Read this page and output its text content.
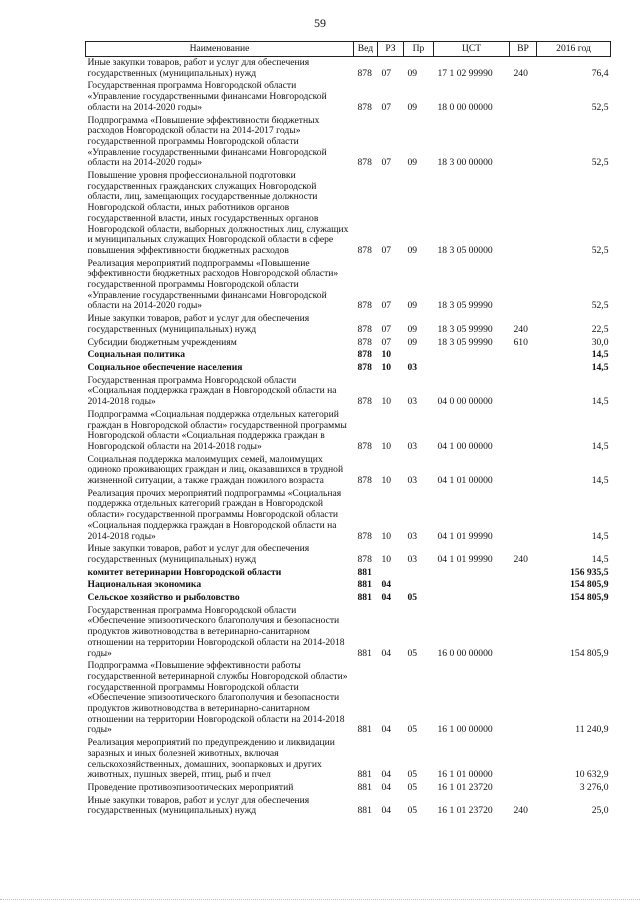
59
Наименование	Вед	РЗ	Пр	ЦСТ	ВР	2016 год
Иные закупки товаров, работ и услуг для обеспечения государственных (муниципальных) нужд	878	07	09	17 1 02 99990	240	76,4
Государственная программа Новгородской области «Управление государственными финансами Новгородской области на 2014-2020 годы»	878	07	09	18 0 00 00000		52,5
Подпрограмма «Повышение эффективности бюджетных расходов Новгородской области на 2014-2017 годы» государственной программы Новгородской области «Управление государственными финансами Новгородской области на 2014-2020 годы»	878	07	09	18 3 00 00000		52,5
Повышение уровня профессиональной подготовки государственных гражданских служащих Новгородской области, лиц, замещающих государственные должности Новгородской области, иных работников органов государственной власти, иных государственных органов Новгородской области, выборных должностных лиц, служащих и муниципальных служащих Новгородской области в сфере повышения эффективности бюджетных расходов	878	07	09	18 3 05 00000		52,5
Реализация мероприятий подпрограммы «Повышение эффективности бюджетных расходов Новгородской области» государственной программы Новгородской области «Управление государственными финансами Новгородской области на 2014-2020 годы»	878	07	09	18 3 05 99990		52,5
Иные закупки товаров, работ и услуг для обеспечения государственных (муниципальных) нужд	878	07	09	18 3 05 99990	240	22,5
Субсидии бюджетным учреждениям	878	07	09	18 3 05 99990	610	30,0
Социальная политика	878	10				14,5
Социальное обеспечение населения	878	10	03			14,5
Государственная программа Новгородской области «Социальная поддержка граждан в Новгородской области на 2014-2018 годы»	878	10	03	04 0 00 00000		14,5
Подпрограмма «Социальная поддержка отдельных категорий граждан в Новгородской области» государственной программы Новгородской области «Социальная поддержка граждан в Новгородской области на 2014-2018 годы»	878	10	03	04 1 00 00000		14,5
Социальная поддержка малоимущих семей, малоимущих одиноко проживающих граждан и лиц, оказавшихся в трудной жизненной ситуации, а также граждан пожилого возраста	878	10	03	04 1 01 00000		14,5
Реализация прочих мероприятий подпрограммы «Социальная поддержка отдельных категорий граждан в Новгородской области» государственной программы Новгородской области «Социальная поддержка граждан в Новгородской области на 2014-2018 годы»	878	10	03	04 1 01 99990		14,5
Иные закупки товаров, работ и услуг для обеспечения государственных (муниципальных) нужд	878	10	03	04 1 01 99990	240	14,5
комитет ветеринарии Новгородской области	881					156 935,5
Национальная экономика	881	04				154 805,9
Сельское хозяйство и рыболовство	881	04	05			154 805,9
Государственная программа Новгородской области «Обеспечение эпизоотического благополучия и безопасности продуктов животноводства в ветеринарно-санитарном отношении на территории Новгородской области на 2014-2018 годы»	881	04	05	16 0 00 00000		154 805,9
Подпрограмма «Повышение эффективности работы государственной ветеринарной службы Новгородской области» государственной программы Новгородской области «Обеспечение эпизоотического благополучия и безопасности продуктов животноводства в ветеринарно-санитарном отношении на территории Новгородской области на 2014-2018 годы»	881	04	05	16 1 00 00000		11 240,9
Реализация мероприятий по предупреждению и ликвидации заразных и иных болезней животных, включая сельскохозяйственных, домашних, зоопарковых и других животных, пушных зверей, птиц, рыб и пчел	881	04	05	16 1 01 00000		10 632,9
Проведение противоэпизоотических мероприятий	881	04	05	16 1 01 23720		3 276,0
Иные закупки товаров, работ и услуг для обеспечения государственных (муниципальных) нужд	881	04	05	16 1 01 23720	240	25,0
